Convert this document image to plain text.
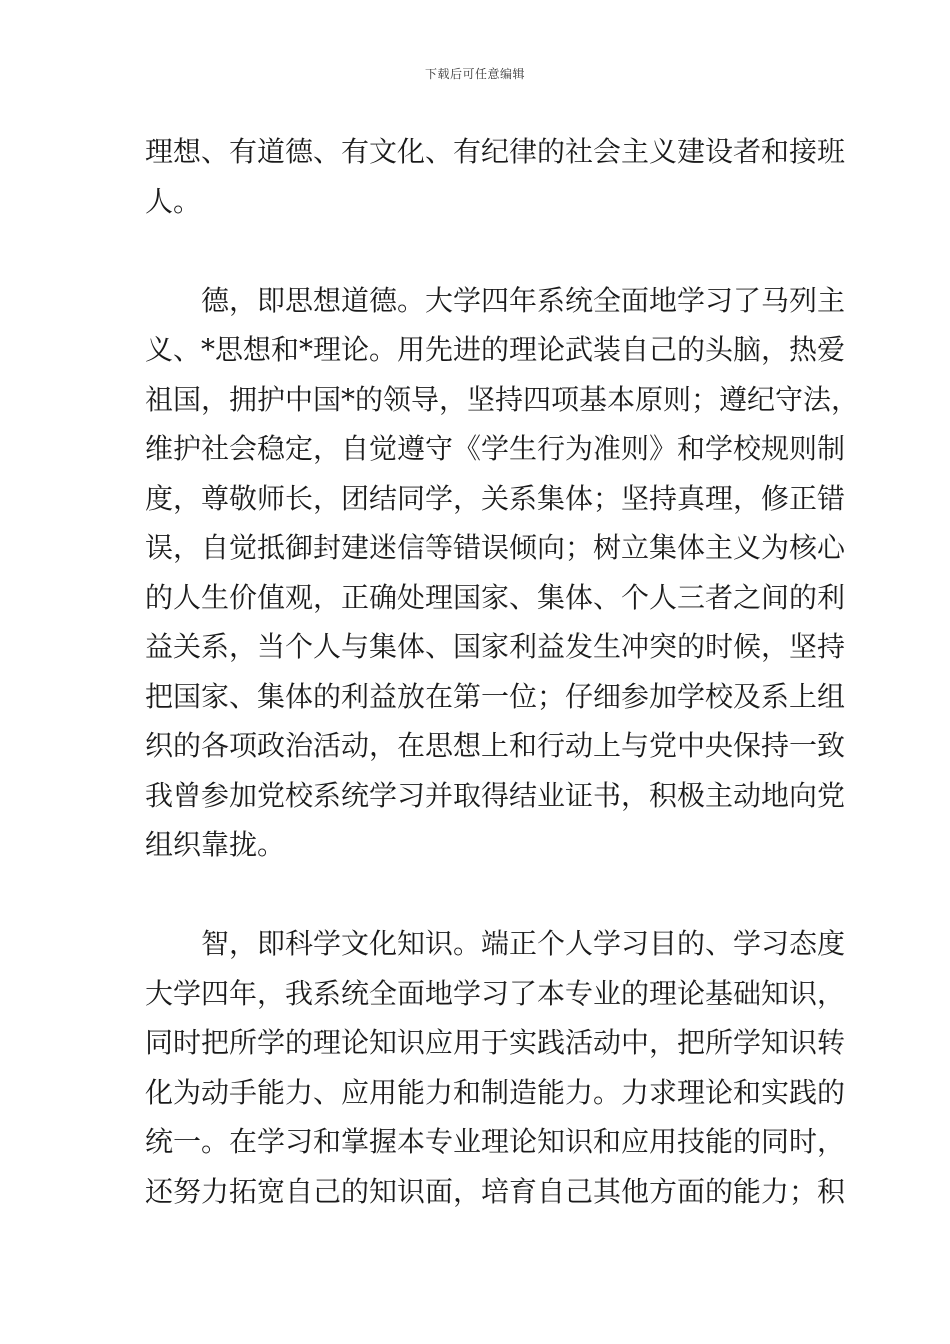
下载后可任意编辑
理想、有道德、有文化、有纪律的社会主义建设者和接班
人。
德，即思想道德。大学四年系统全面地学习了马列主
义、*思想和*理论。用先进的理论武装自己的头脑，热爱
祖国，拥护中国*的领导，坚持四项基本原则；遵纪守法，
维护社会稳定，自觉遵守《学生行为准则》和学校规则制
度，尊敬师长，团结同学，关系集体；坚持真理，修正错
误，自觉抵御封建迷信等错误倾向；树立集体主义为核心
的人生价值观，正确处理国家、集体、个人三者之间的利
益关系，当个人与集体、国家利益发生冲突的时候，坚持
把国家、集体的利益放在第一位；仔细参加学校及系上组
织的各项政治活动，在思想上和行动上与党中央保持一致
我曾参加党校系统学习并取得结业证书，积极主动地向党
组织靠拢。
智，即科学文化知识。端正个人学习目的、学习态度
大学四年，我系统全面地学习了本专业的理论基础知识，
同时把所学的理论知识应用于实践活动中，把所学知识转
化为动手能力、应用能力和制造能力。力求理论和实践的
统一。在学习和掌握本专业理论知识和应用技能的同时，
还努力拓宽自己的知识面，培育自己其他方面的能力；积
